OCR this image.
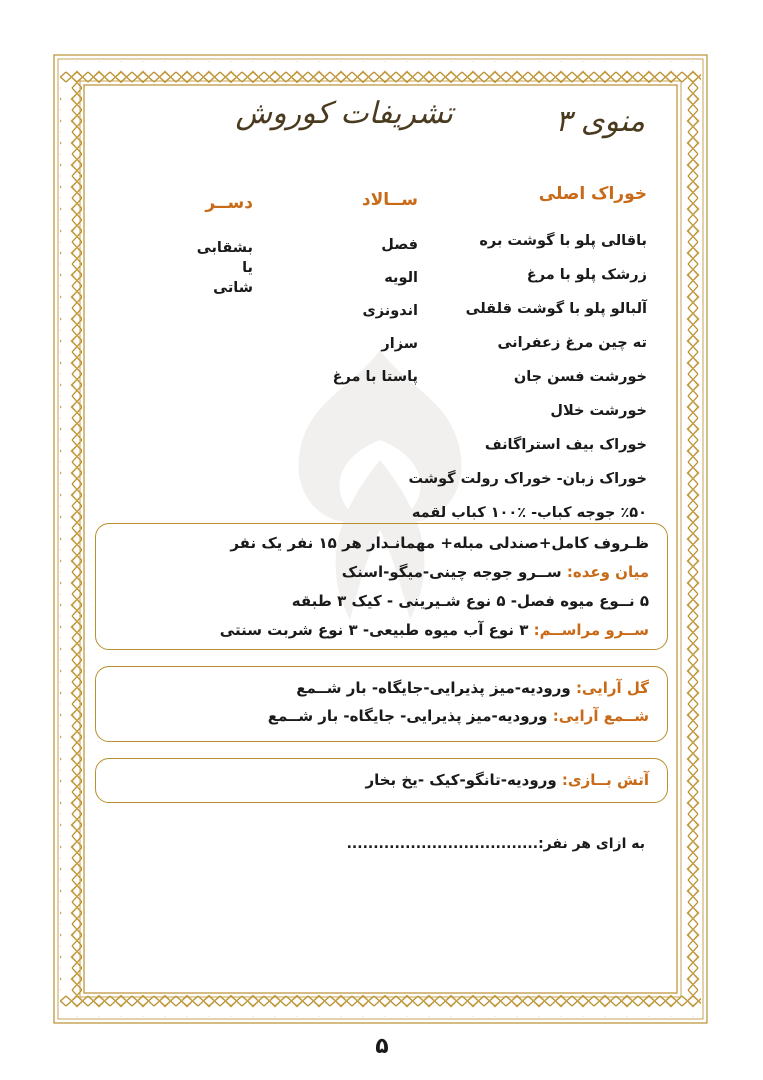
منوی ۳
تشریفات کوروش
خوراک اصلی
ســالاد
دســر
باقالی پلو با گوشت بره
زرشک پلو با مرغ
آلبالو پلو با گوشت قلقلی
ته چین مرغ زعفرانی
خورشت فسن جان
خورشت خلال
خوراک بیف استراگانف
خوراک زبان- خوراک رولت گوشت
٪۵۰ جوجه کباب- ٪۱۰۰ کباب لقمه
فصل
الویه
اندونزی
سزار
پاستا با مرغ
بشقابی
یا
شاتی
ظـروف کامل+صندلی مبله+ مهمانـدار هر ۱۵ نفر یک نفر
میان وعده: ســرو جوجه چینی-میگو-اسنک
۵ نــوع میوه فصل- ۵ نوع شـیرینی - کیک ۳ طبقه
ســرو مراســم: ۳ نوع آب میوه طبیعی- ۳ نوع شربت سنتی
گل آرایی: ورودیه-میز پذیرایی-جایگاه- بار شــمع
شــمع آرایی: ورودیه-میز پذیرایی- جایگاه- بار شــمع
آتش بــازی: ورودیه-تانگو-کیک -یخ بخار
به ازای هر نفر:....................................
۵
